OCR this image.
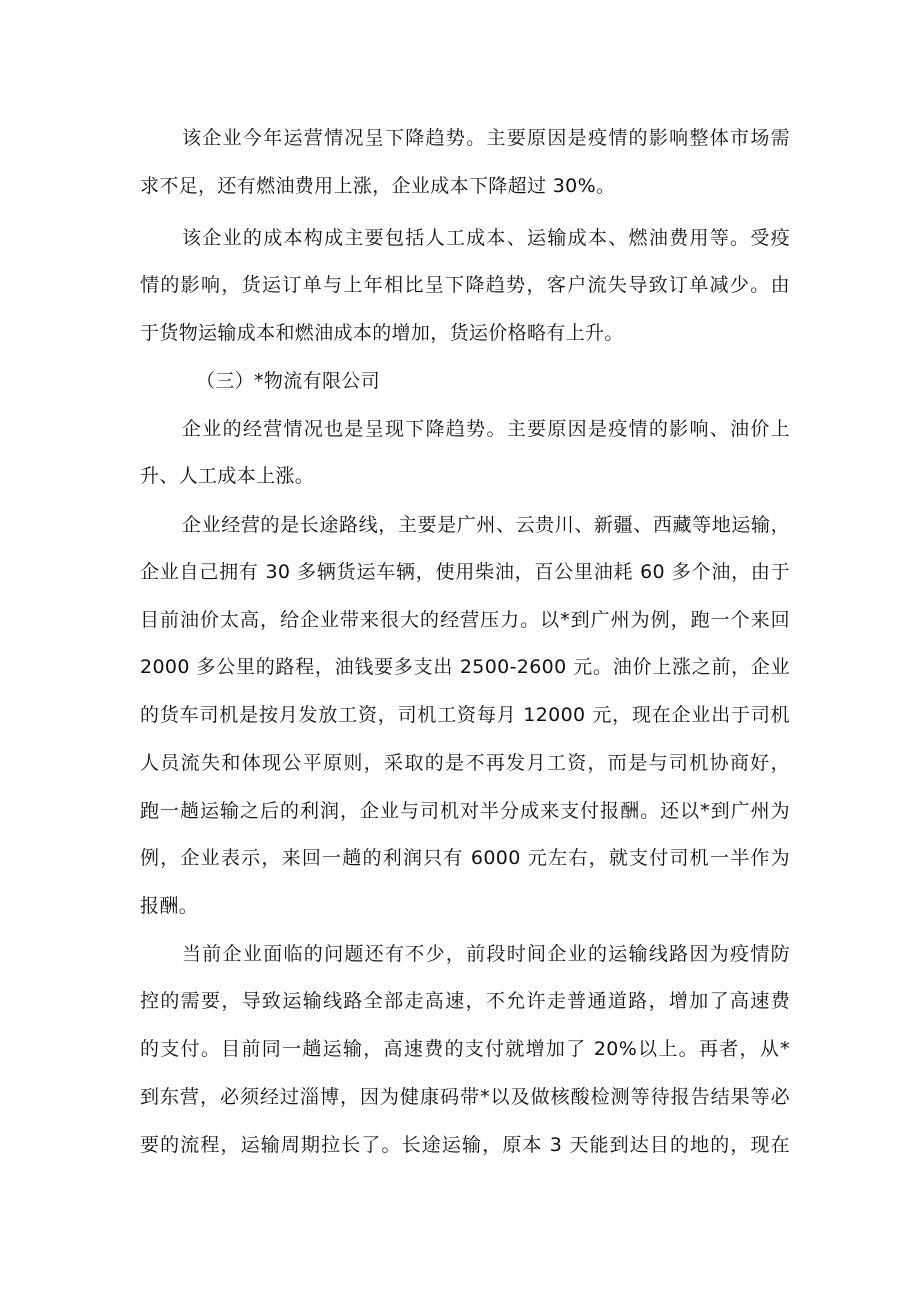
该企业今年运营情况呈下降趋势。主要原因是疫情的影响整体市场需
求不足，还有燃油费用上涨，企业成本下降超过 30%。
该企业的成本构成主要包括人工成本、运输成本、燃油费用等。受疫
情的影响，货运订单与上年相比呈下降趋势，客户流失导致订单减少。由
于货物运输成本和燃油成本的增加，货运价格略有上升。
（三）*物流有限公司
企业的经营情况也是呈现下降趋势。主要原因是疫情的影响、油价上
升、人工成本上涨。
企业经营的是长途路线，主要是广州、云贵川、新疆、西藏等地运输，
企业自己拥有 30 多辆货运车辆，使用柴油，百公里油耗 60 多个油，由于
目前油价太高，给企业带来很大的经营压力。以*到广州为例，跑一个来回
2000 多公里的路程，油钱要多支出 2500-2600 元。油价上涨之前，企业
的货车司机是按月发放工资，司机工资每月 12000 元，现在企业出于司机
人员流失和体现公平原则，采取的是不再发月工资，而是与司机协商好，
跑一趟运输之后的利润，企业与司机对半分成来支付报酬。还以*到广州为
例，企业表示，来回一趟的利润只有 6000 元左右，就支付司机一半作为
报酬。
当前企业面临的问题还有不少，前段时间企业的运输线路因为疫情防
控的需要，导致运输线路全部走高速，不允许走普通道路，增加了高速费
的支付。目前同一趟运输，高速费的支付就增加了 20%以上。再者，从*
到东营，必须经过淄博，因为健康码带*以及做核酸检测等待报告结果等必
要的流程，运输周期拉长了。长途运输，原本 3 天能到达目的地的，现在
